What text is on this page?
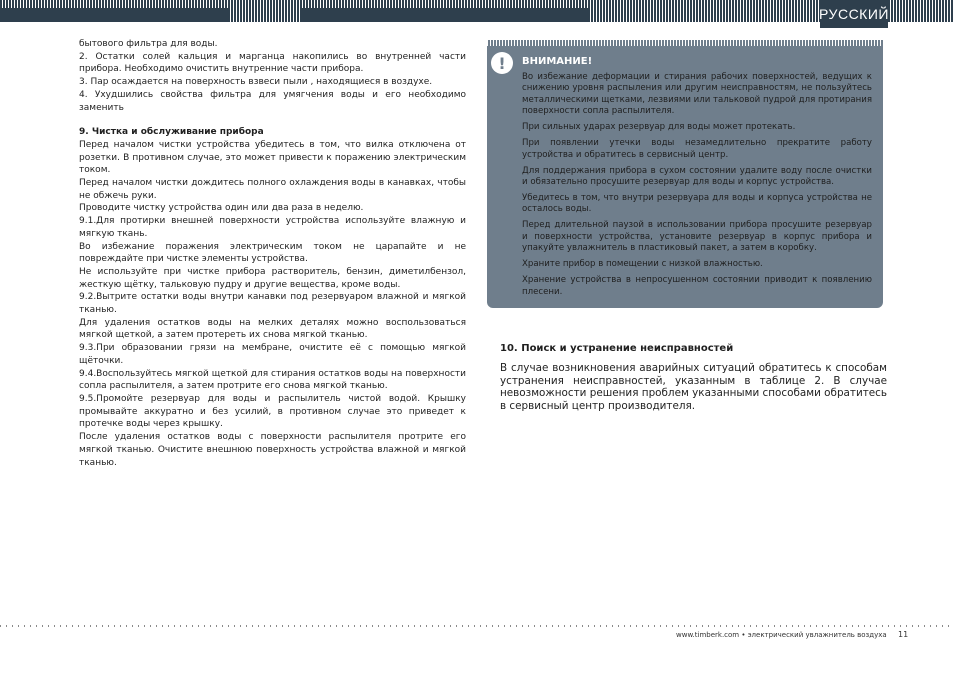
РУССКИЙ

бытового фильтра для воды.

2. Остатки солей кальция и марганца накопились во внутренней части прибора. Необходимо очистить внутренние части прибора.

3. Пар осаждается на поверхность взвеси пыли , находящиеся в воздухе.

4. Ухудшились свойства фильтра для умягчения воды и его необходимо заменить

9. Чистка и обслуживание прибора

Перед началом чистки устройства убедитесь в том, что вилка отключена от розетки. В противном случае, это может привести к поражению электрическим током.

Перед началом чистки дождитесь полного охлаждения воды в канавках, чтобы не обжечь руки.

Проводите чистку устройства один или два раза в неделю.

9.1.Для протирки внешней поверхности устройства используйте влажную и мягкую ткань.

Во избежание поражения электрическим током не царапайте и не повреждайте при чистке элементы устройства.

Не используйте при чистке прибора растворитель, бензин, диметилбензол, жесткую щётку, тальковую пудру и другие вещества, кроме воды.

9.2.Вытрите остатки воды внутри канавки под резервуаром влажной и мягкой тканью.

Для удаления остатков воды на мелких деталях можно воспользоваться мягкой щеткой, а затем протереть их снова мягкой тканью.

9.3.При образовании грязи на мембране, очистите её с помощью мягкой щёточки.

9.4.Воспользуйтесь мягкой щеткой для стирания остатков воды на поверхности сопла распылителя, а затем протрите его снова мягкой тканью.

9.5.Промойте резервуар для воды и распылитель чистой водой. Крышку промывайте аккуратно и без усилий, в противном случае это приведет к протечке воды через крышку.

После удаления остатков воды с поверхности распылителя протрите его мягкой тканью. Очистите внешнюю поверхность устройства влажной и мягкой тканью.

!	ВНИМАНИЕ!

Во избежание деформации и стирания рабочих поверхностей, ведущих к снижению уровня распыления или другим неисправностям, не пользуйтесь металлическими щетками, лезвиями или тальковой пудрой для протирания поверхности сопла распылителя.

При сильных ударах резервуар для воды может протекать.

При появлении утечки воды незамедлительно прекратите работу устройства и обратитесь в сервисный центр.

Для поддержания прибора в сухом состоянии удалите воду после очистки и обязательно просушите резервуар для воды и корпус устройства.

Убедитесь в том, что внутри резервуара для воды и корпуса устройства не осталось воды.

Перед длительной паузой в использовании прибора просушите резервуар и поверхности устройства, установите резервуар в корпус прибора и упакуйте увлажнитель в пластиковый пакет, а затем в коробку.

Храните прибор в помещении с низкой влажностью.

Хранение устройства в непросушенном состоянии приводит к появлению плесени.

10. Поиск и устранение неисправностей
В случае возникновения аварийных ситуаций обратитесь к способам устранения неисправностей, указанным в таблице 2. В случае невозможности решения проблем указанными способами обратитесь в сервисный центр производителя.
www.timberk.com • электрический увлажнитель воздуха 11
